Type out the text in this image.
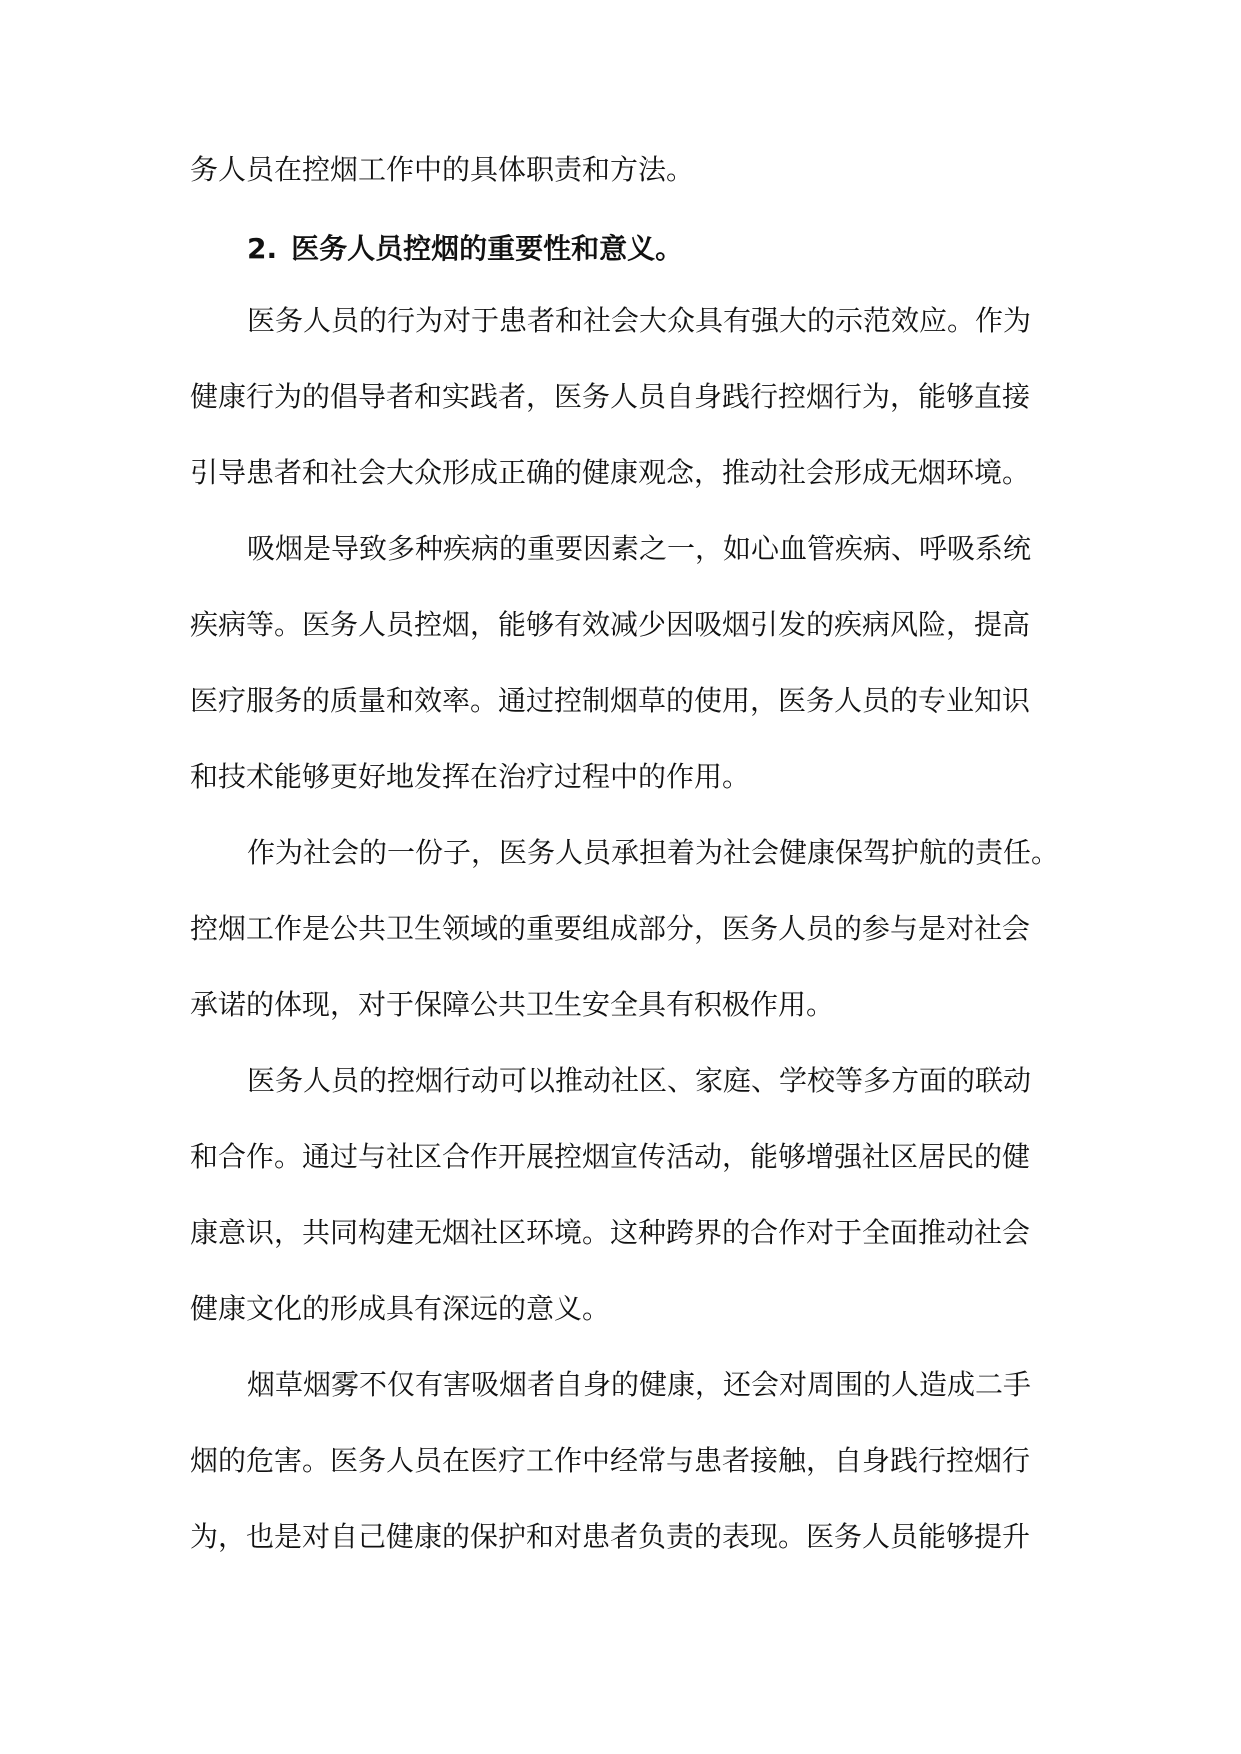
务人员在控烟工作中的具体职责和方法。
2. 医务人员控烟的重要性和意义。
医务人员的行为对于患者和社会大众具有强大的示范效应。作为
健康行为的倡导者和实践者，医务人员自身践行控烟行为，能够直接
引导患者和社会大众形成正确的健康观念，推动社会形成无烟环境。
吸烟是导致多种疾病的重要因素之一，如心血管疾病、呼吸系统
疾病等。医务人员控烟，能够有效减少因吸烟引发的疾病风险，提高
医疗服务的质量和效率。通过控制烟草的使用，医务人员的专业知识
和技术能够更好地发挥在治疗过程中的作用。
作为社会的一份子，医务人员承担着为社会健康保驾护航的责任。
控烟工作是公共卫生领域的重要组成部分，医务人员的参与是对社会
承诺的体现，对于保障公共卫生安全具有积极作用。
医务人员的控烟行动可以推动社区、家庭、学校等多方面的联动
和合作。通过与社区合作开展控烟宣传活动，能够增强社区居民的健
康意识，共同构建无烟社区环境。这种跨界的合作对于全面推动社会
健康文化的形成具有深远的意义。
烟草烟雾不仅有害吸烟者自身的健康，还会对周围的人造成二手
烟的危害。医务人员在医疗工作中经常与患者接触，自身践行控烟行
为，也是对自己健康的保护和对患者负责的表现。医务人员能够提升
